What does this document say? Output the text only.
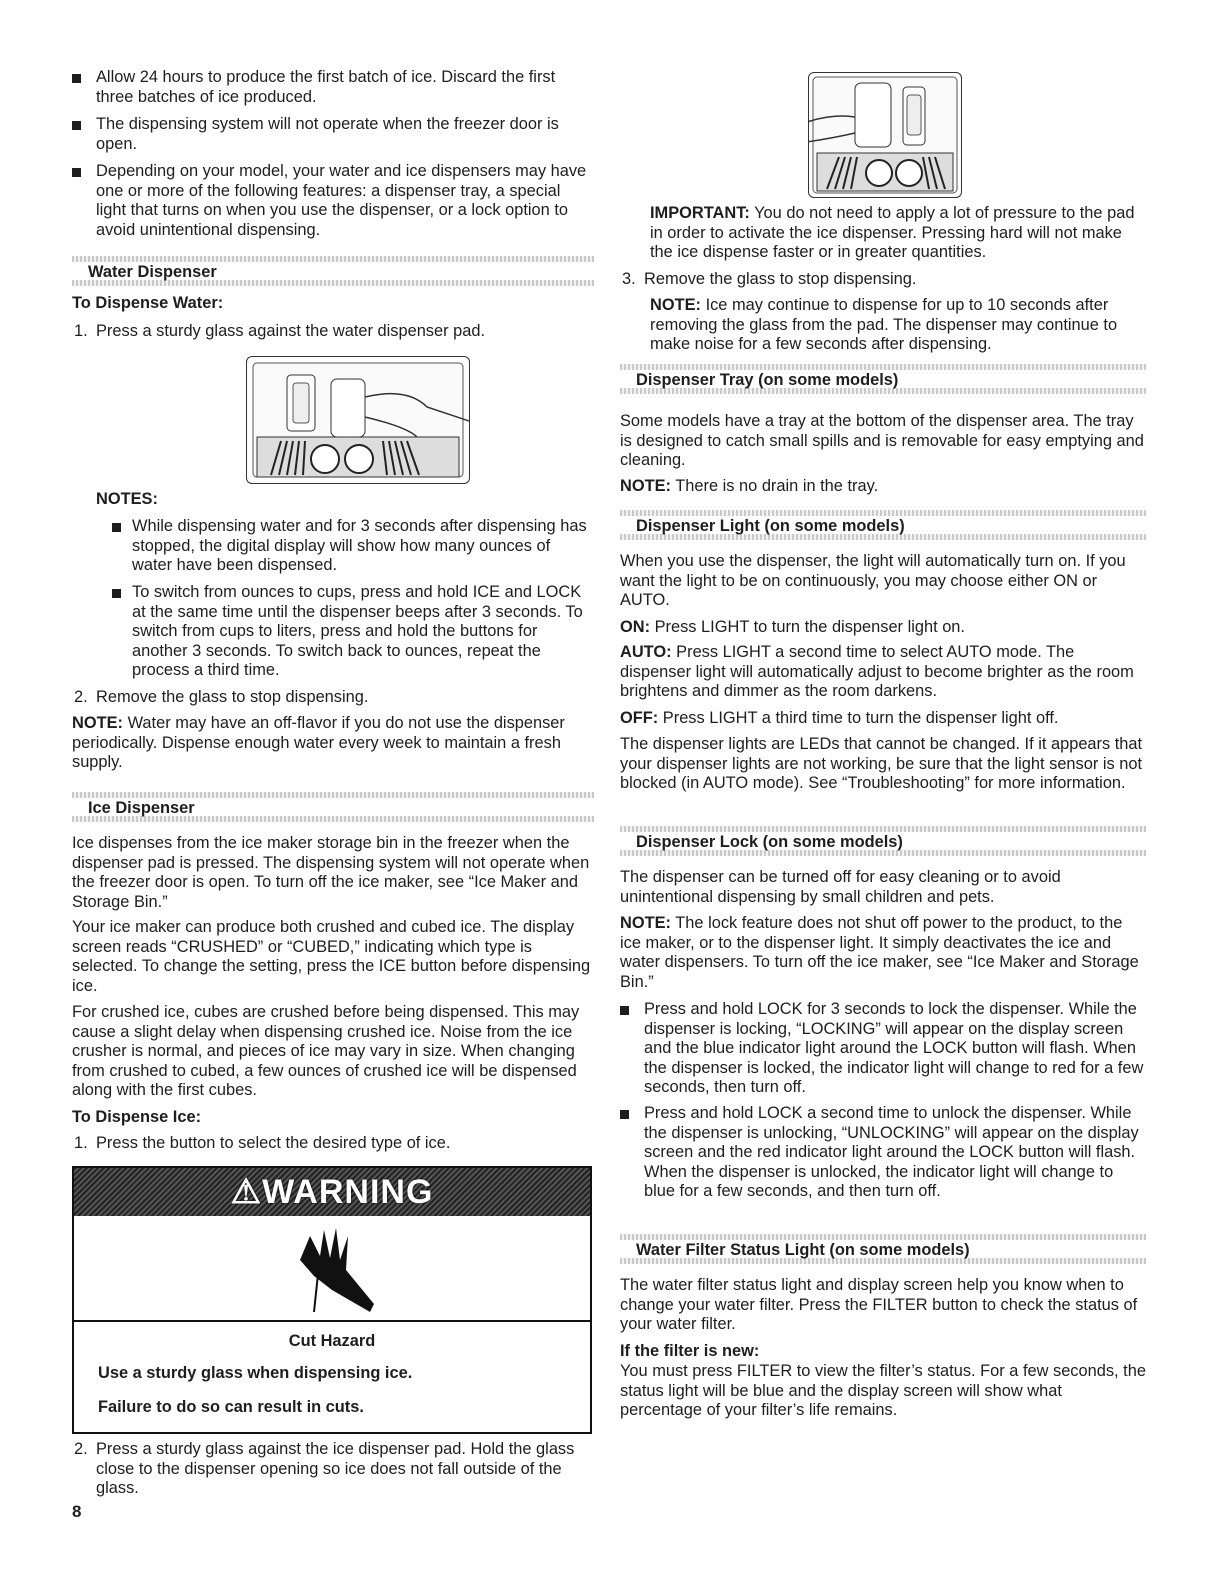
Allow 24 hours to produce the first batch of ice. Discard the first three batches of ice produced.

The dispensing system will not operate when the freezer door is open.

Depending on your model, your water and ice dispensers may have one or more of the following features: a dispenser tray, a special light that turns on when you use the dispenser, or a lock option to avoid unintentional dispensing.

Water Dispenser

To Dispense Water:

1. Press a sturdy glass against the water dispenser pad.

NOTES:

While dispensing water and for 3 seconds after dispensing has stopped, the digital display will show how many ounces of water have been dispensed.

To switch from ounces to cups, press and hold ICE and LOCK at the same time until the dispenser beeps after 3 seconds. To switch from cups to liters, press and hold the buttons for another 3 seconds. To switch back to ounces, repeat the process a third time.

2. Remove the glass to stop dispensing.

NOTE: Water may have an off-flavor if you do not use the dispenser periodically. Dispense enough water every week to maintain a fresh supply.

Ice Dispenser

Ice dispenses from the ice maker storage bin in the freezer when the dispenser pad is pressed. The dispensing system will not operate when the freezer door is open. To turn off the ice maker, see “Ice Maker and Storage Bin.”

Your ice maker can produce both crushed and cubed ice. The display screen reads “CRUSHED” or “CUBED,” indicating which type is selected. To change the setting, press the ICE button before dispensing ice.

For crushed ice, cubes are crushed before being dispensed. This may cause a slight delay when dispensing crushed ice. Noise from the ice crusher is normal, and pieces of ice may vary in size. When changing from crushed to cubed, a few ounces of crushed ice will be dispensed along with the first cubes.

To Dispense Ice:

1. Press the button to select the desired type of ice.

⚠WARNING

Cut Hazard

Use a sturdy glass when dispensing ice.

Failure to do so can result in cuts.

2. Press a sturdy glass against the ice dispenser pad. Hold the glass close to the dispenser opening so ice does not fall outside of the glass.

8

IMPORTANT: You do not need to apply a lot of pressure to the pad in order to activate the ice dispenser. Pressing hard will not make the ice dispense faster or in greater quantities.

3. Remove the glass to stop dispensing.

NOTE: Ice may continue to dispense for up to 10 seconds after removing the glass from the pad. The dispenser may continue to make noise for a few seconds after dispensing.

Dispenser Tray (on some models)

Some models have a tray at the bottom of the dispenser area. The tray is designed to catch small spills and is removable for easy emptying and cleaning.

NOTE: There is no drain in the tray.

Dispenser Light (on some models)

When you use the dispenser, the light will automatically turn on. If you want the light to be on continuously, you may choose either ON or AUTO.

ON: Press LIGHT to turn the dispenser light on.

AUTO: Press LIGHT a second time to select AUTO mode. The dispenser light will automatically adjust to become brighter as the room brightens and dimmer as the room darkens.

OFF: Press LIGHT a third time to turn the dispenser light off.

The dispenser lights are LEDs that cannot be changed. If it appears that your dispenser lights are not working, be sure that the light sensor is not blocked (in AUTO mode). See “Troubleshooting” for more information.

Dispenser Lock (on some models)

The dispenser can be turned off for easy cleaning or to avoid unintentional dispensing by small children and pets.

NOTE: The lock feature does not shut off power to the product, to the ice maker, or to the dispenser light. It simply deactivates the ice and water dispensers. To turn off the ice maker, see “Ice Maker and Storage Bin.”

Press and hold LOCK for 3 seconds to lock the dispenser. While the dispenser is locking, “LOCKING” will appear on the display screen and the blue indicator light around the LOCK button will flash. When the dispenser is locked, the indicator light will change to red for a few seconds, then turn off.

Press and hold LOCK a second time to unlock the dispenser. While the dispenser is unlocking, “UNLOCKING” will appear on the display screen and the red indicator light around the LOCK button will flash. When the dispenser is unlocked, the indicator light will change to blue for a few seconds, and then turn off.

Water Filter Status Light (on some models)

The water filter status light and display screen help you know when to change your water filter. Press the FILTER button to check the status of your water filter.

If the filter is new:

You must press FILTER to view the filter’s status. For a few seconds, the status light will be blue and the display screen will show what percentage of your filter’s life remains.
